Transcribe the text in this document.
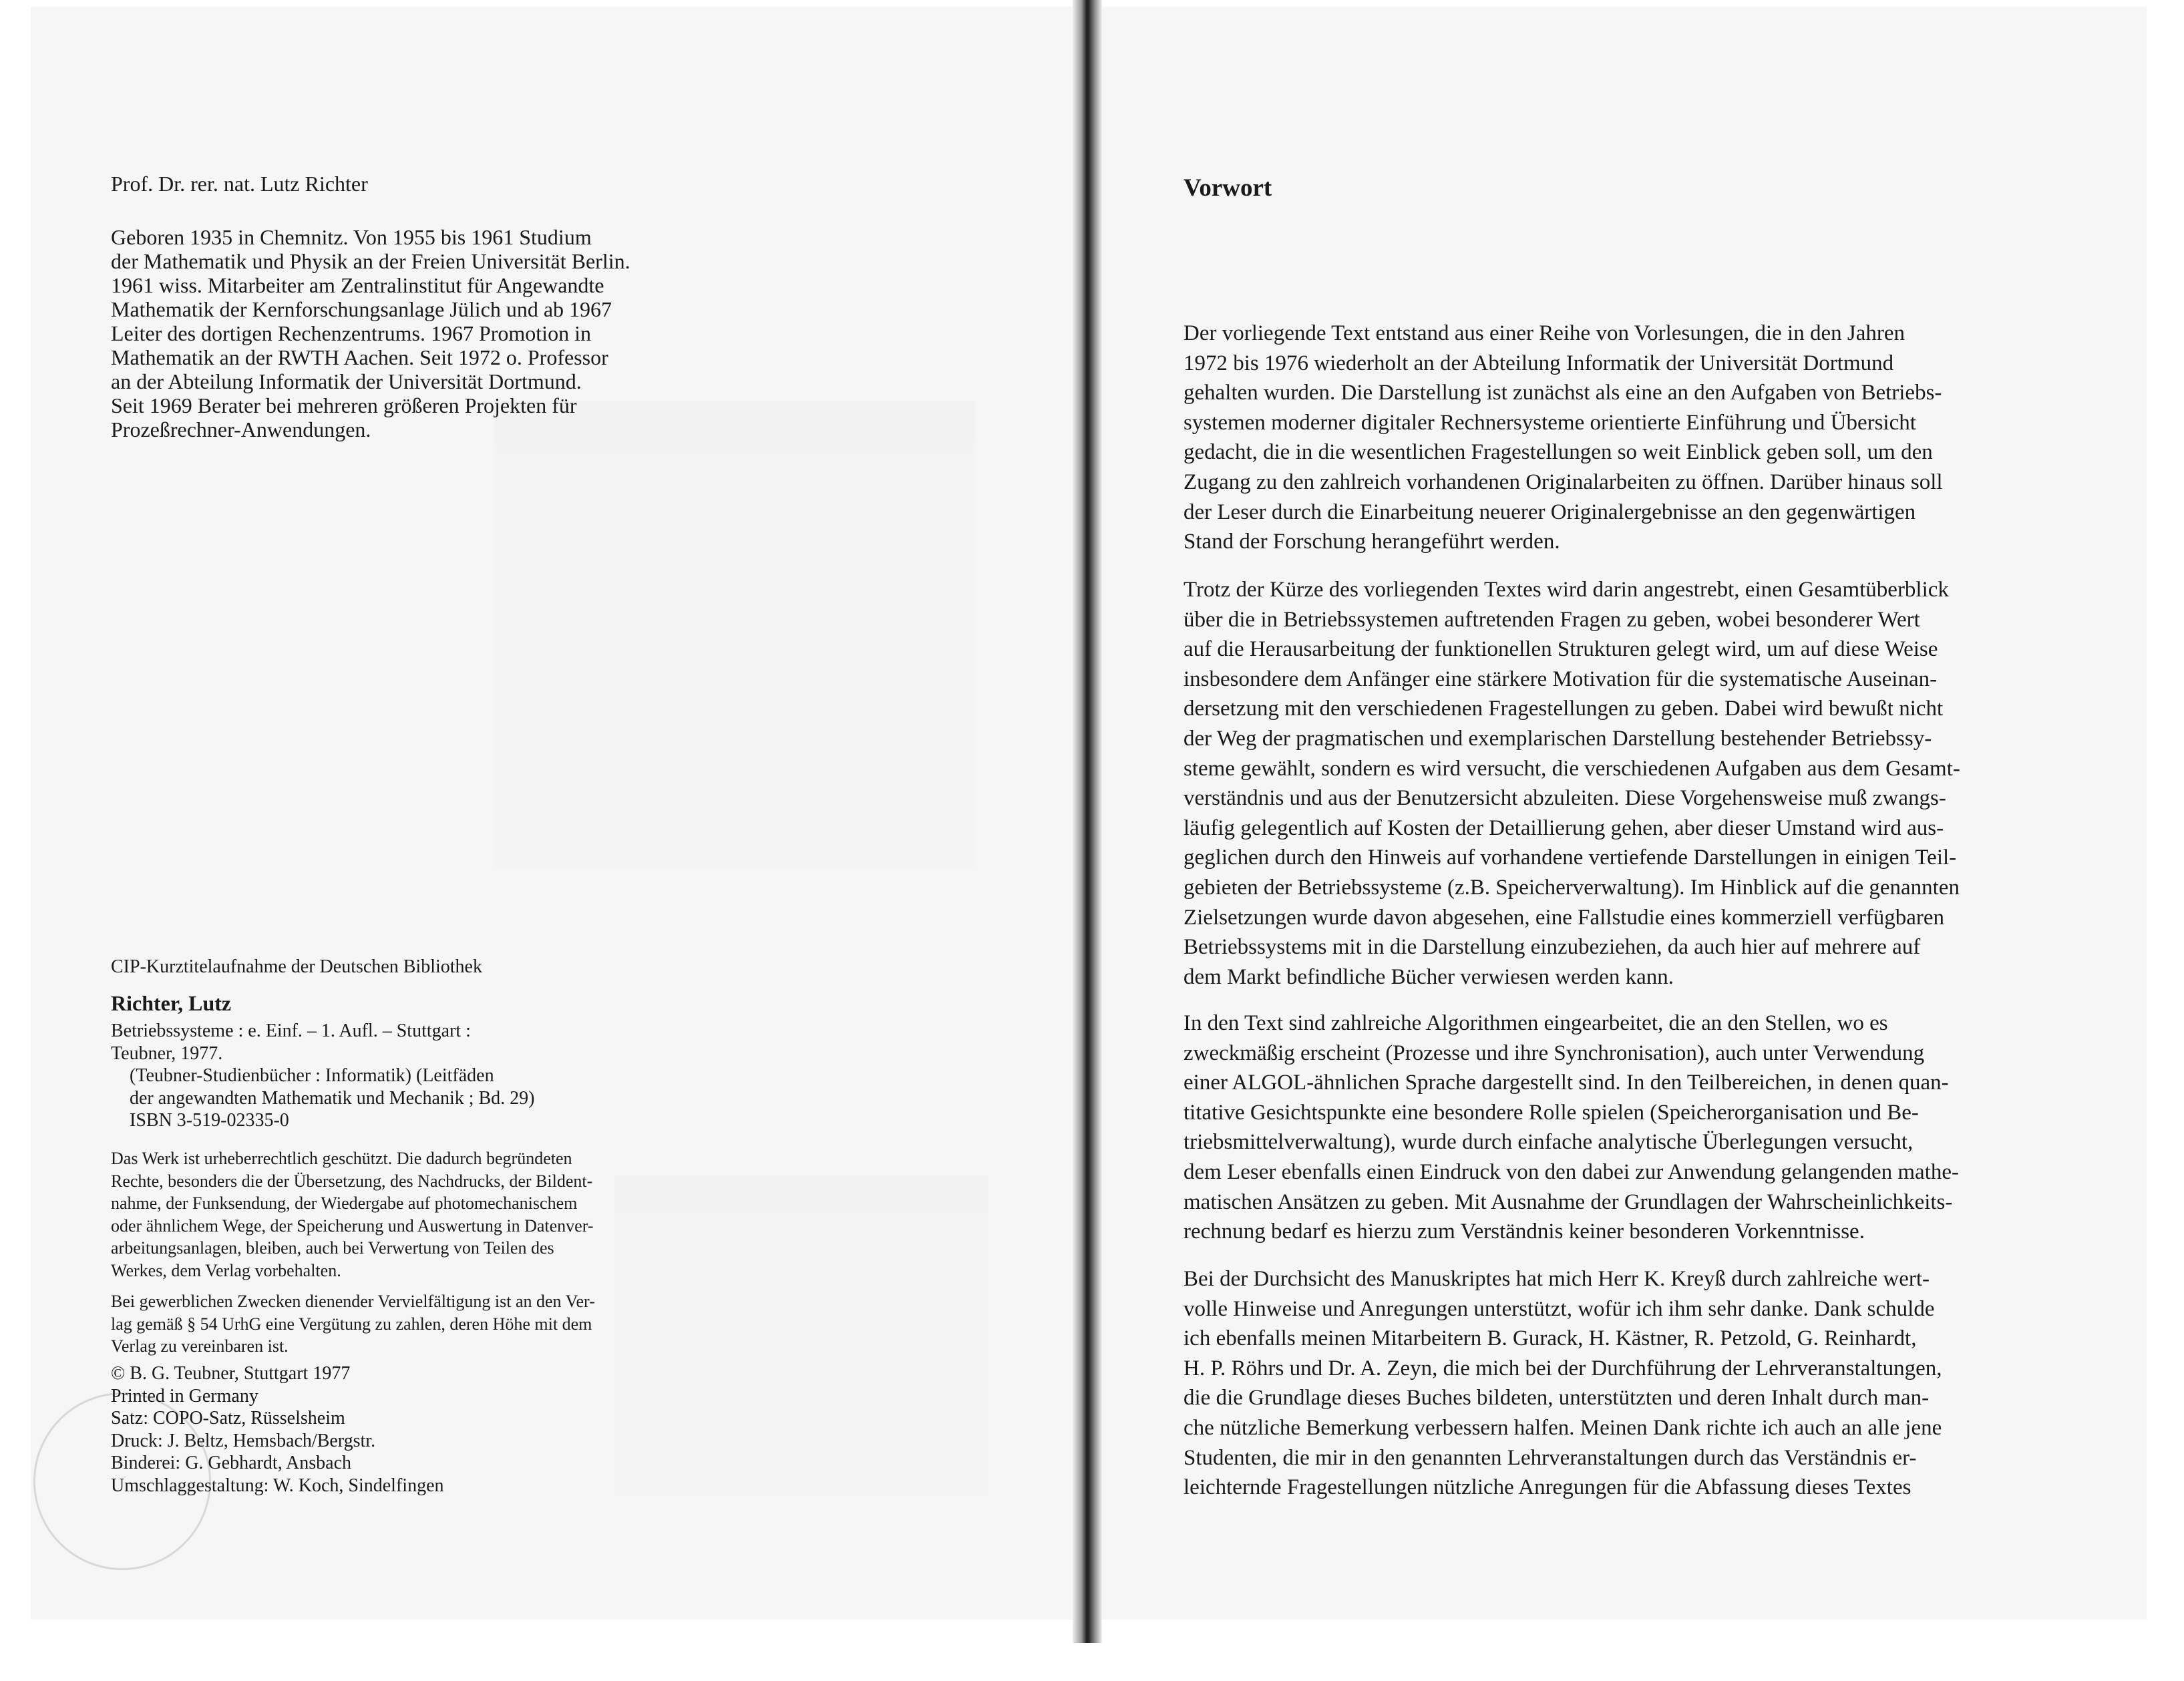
Prof. Dr. rer. nat. Lutz Richter
Geboren 1935 in Chemnitz. Von 1955 bis 1961 Studium
der Mathematik und Physik an der Freien Universität Berlin.
1961 wiss. Mitarbeiter am Zentralinstitut für Angewandte
Mathematik der Kernforschungsanlage Jülich und ab 1967
Leiter des dortigen Rechenzentrums. 1967 Promotion in
Mathematik an der RWTH Aachen. Seit 1972 o. Professor
an der Abteilung Informatik der Universität Dortmund.
Seit 1969 Berater bei mehreren größeren Projekten für
Prozeßrechner-Anwendungen.
CIP-Kurztitelaufnahme der Deutschen Bibliothek
Richter, Lutz
Betriebssysteme : e. Einf. – 1. Aufl. – Stuttgart :
Teubner, 1977.
(Teubner-Studienbücher : Informatik) (Leitfäden
der angewandten Mathematik und Mechanik ; Bd. 29)
ISBN 3-519-02335-0
Das Werk ist urheberrechtlich geschützt. Die dadurch begründeten
Rechte, besonders die der Übersetzung, des Nachdrucks, der Bildent-
nahme, der Funksendung, der Wiedergabe auf photomechanischem
oder ähnlichem Wege, der Speicherung und Auswertung in Datenver-
arbeitungsanlagen, bleiben, auch bei Verwertung von Teilen des
Werkes, dem Verlag vorbehalten.
Bei gewerblichen Zwecken dienender Vervielfältigung ist an den Ver-
lag gemäß § 54 UrhG eine Vergütung zu zahlen, deren Höhe mit dem
Verlag zu vereinbaren ist.
© B. G. Teubner, Stuttgart 1977
Printed in Germany
Satz: COPO-Satz, Rüsselsheim
Druck: J. Beltz, Hemsbach/Bergstr.
Binderei: G. Gebhardt, Ansbach
Umschlaggestaltung: W. Koch, Sindelfingen
Vorwort
Der vorliegende Text entstand aus einer Reihe von Vorlesungen, die in den Jahren
1972 bis 1976 wiederholt an der Abteilung Informatik der Universität Dortmund
gehalten wurden. Die Darstellung ist zunächst als eine an den Aufgaben von Betriebs-
systemen moderner digitaler Rechnersysteme orientierte Einführung und Übersicht
gedacht, die in die wesentlichen Fragestellungen so weit Einblick geben soll, um den
Zugang zu den zahlreich vorhandenen Originalarbeiten zu öffnen. Darüber hinaus soll
der Leser durch die Einarbeitung neuerer Originalergebnisse an den gegenwärtigen
Stand der Forschung herangeführt werden.
Trotz der Kürze des vorliegenden Textes wird darin angestrebt, einen Gesamtüberblick
über die in Betriebssystemen auftretenden Fragen zu geben, wobei besonderer Wert
auf die Herausarbeitung der funktionellen Strukturen gelegt wird, um auf diese Weise
insbesondere dem Anfänger eine stärkere Motivation für die systematische Auseinan-
dersetzung mit den verschiedenen Fragestellungen zu geben. Dabei wird bewußt nicht
der Weg der pragmatischen und exemplarischen Darstellung bestehender Betriebssy-
steme gewählt, sondern es wird versucht, die verschiedenen Aufgaben aus dem Gesamt-
verständnis und aus der Benutzersicht abzuleiten. Diese Vorgehensweise muß zwangs-
läufig gelegentlich auf Kosten der Detaillierung gehen, aber dieser Umstand wird aus-
geglichen durch den Hinweis auf vorhandene vertiefende Darstellungen in einigen Teil-
gebieten der Betriebssysteme (z.B. Speicherverwaltung). Im Hinblick auf die genannten
Zielsetzungen wurde davon abgesehen, eine Fallstudie eines kommerziell verfügbaren
Betriebssystems mit in die Darstellung einzubeziehen, da auch hier auf mehrere auf
dem Markt befindliche Bücher verwiesen werden kann.
In den Text sind zahlreiche Algorithmen eingearbeitet, die an den Stellen, wo es
zweckmäßig erscheint (Prozesse und ihre Synchronisation), auch unter Verwendung
einer ALGOL-ähnlichen Sprache dargestellt sind. In den Teilbereichen, in denen quan-
titative Gesichtspunkte eine besondere Rolle spielen (Speicherorganisation und Be-
triebsmittelverwaltung), wurde durch einfache analytische Überlegungen versucht,
dem Leser ebenfalls einen Eindruck von den dabei zur Anwendung gelangenden mathe-
matischen Ansätzen zu geben. Mit Ausnahme der Grundlagen der Wahrscheinlichkeits-
rechnung bedarf es hierzu zum Verständnis keiner besonderen Vorkenntnisse.
Bei der Durchsicht des Manuskriptes hat mich Herr K. Kreyß durch zahlreiche wert-
volle Hinweise und Anregungen unterstützt, wofür ich ihm sehr danke. Dank schulde
ich ebenfalls meinen Mitarbeitern B. Gurack, H. Kästner, R. Petzold, G. Reinhardt,
H. P. Röhrs und Dr. A. Zeyn, die mich bei der Durchführung der Lehrveranstaltungen,
die die Grundlage dieses Buches bildeten, unterstützten und deren Inhalt durch man-
che nützliche Bemerkung verbessern halfen. Meinen Dank richte ich auch an alle jene
Studenten, die mir in den genannten Lehrveranstaltungen durch das Verständnis er-
leichternde Fragestellungen nützliche Anregungen für die Abfassung dieses Textes
